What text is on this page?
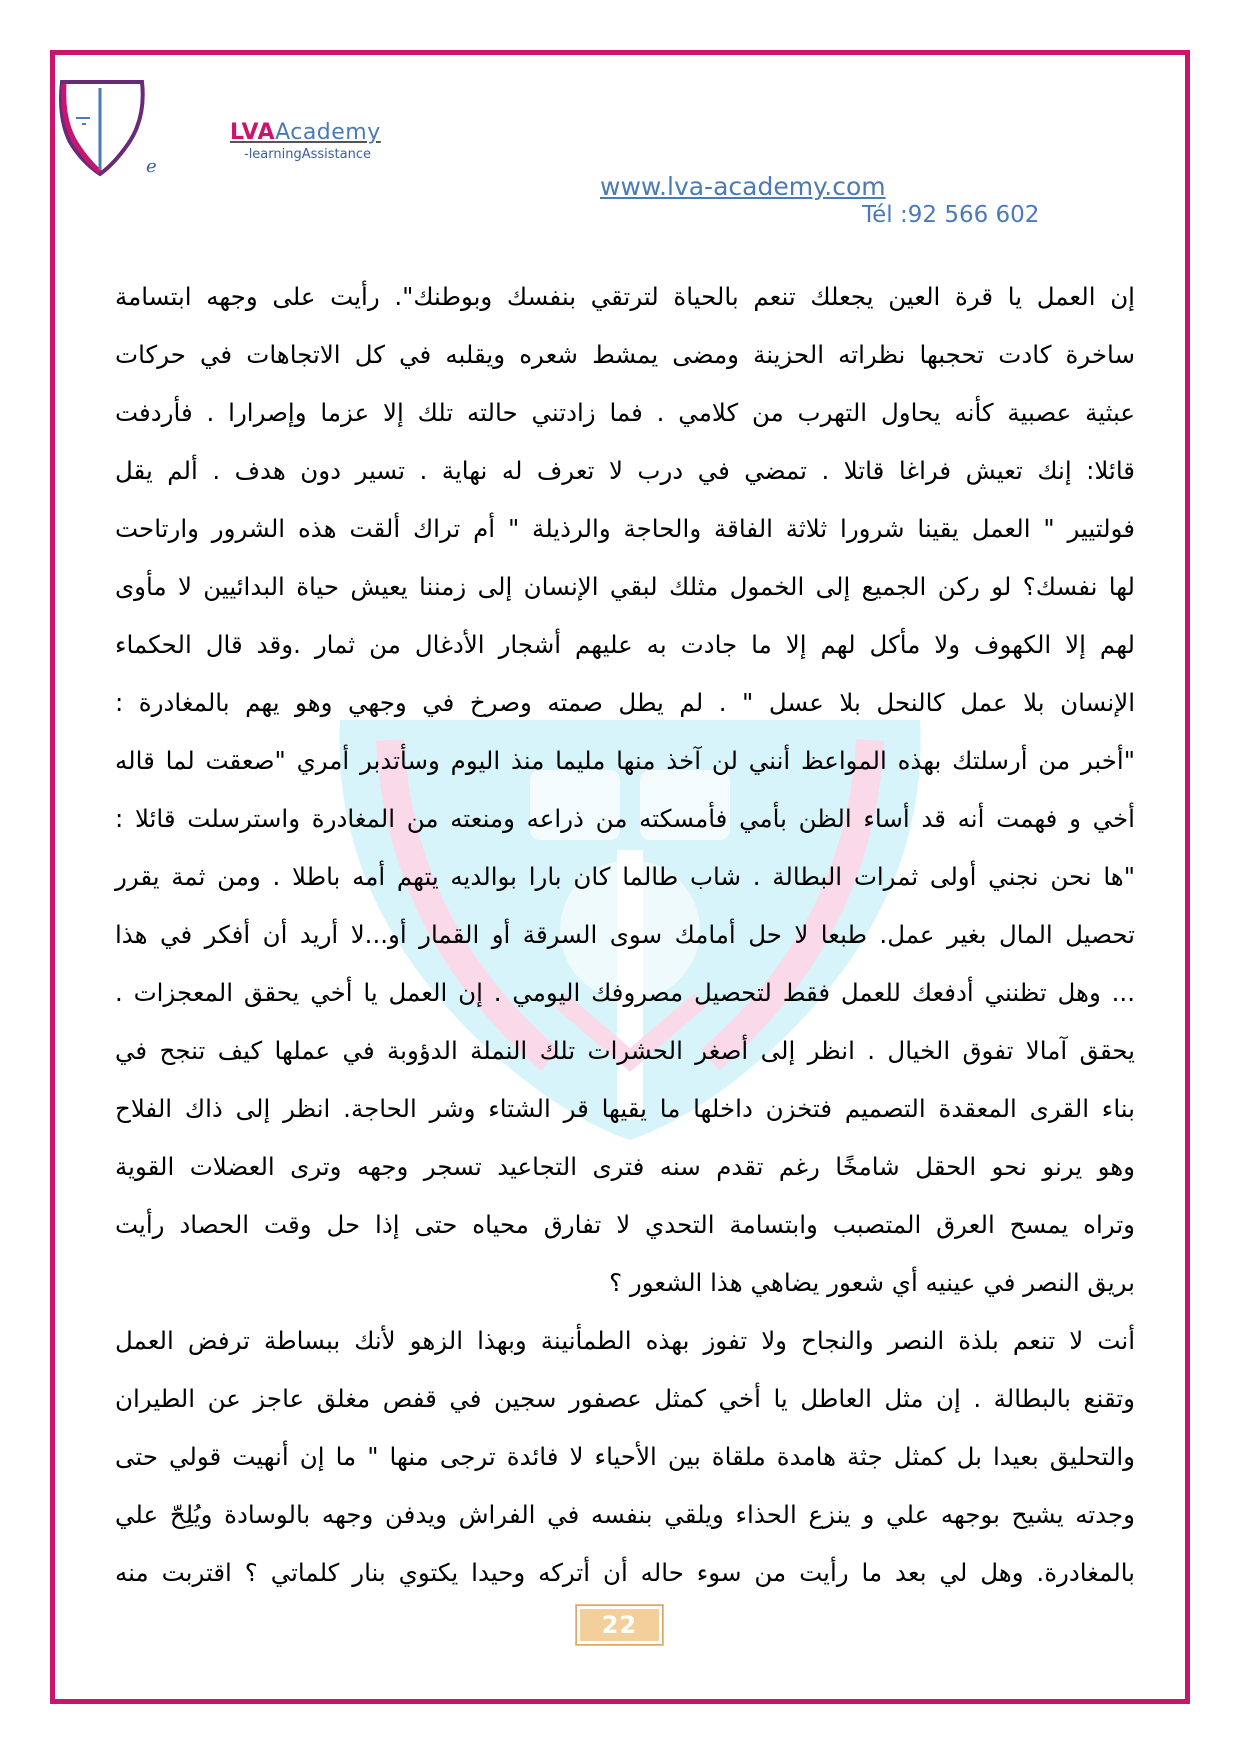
e
LVAAcademy
-learningAssistance
www.lva-academy.com
Tél :92 566 602
إن العمل يا قرة العين يجعلك تنعم بالحياة لترتقي بنفسك وبوطنك". رأيت على وجهه ابتسامة
ساخرة كادت تحجبها نظراته الحزينة ومضى يمشط شعره ويقلبه في كل الاتجاهات في حركات
عبثية عصبية كأنه يحاول التهرب من كلامي . فما زادتني حالته تلك إلا عزما وإصرارا . فأردفت
قائلا: إنك تعيش فراغا قاتلا . تمضي في درب لا تعرف له نهاية . تسير دون هدف . ألم يقل
فولتيير " العمل يقينا شرورا ثلاثة الفاقة والحاجة والرذيلة " أم تراك ألقت هذه الشرور وارتاحت
لها نفسك؟ لو ركن الجميع إلى الخمول مثلك لبقي الإنسان إلى زمننا يعيش حياة البدائيين لا مأوى
لهم إلا الكهوف ولا مأكل لهم إلا ما جادت به عليهم أشجار الأدغال من ثمار .وقد قال الحكماء
الإنسان بلا عمل كالنحل بلا عسل " . لم يطل صمته وصرخ في وجهي وهو يهم بالمغادرة :
"أخبر من أرسلتك بهذه المواعظ أنني لن آخذ منها مليما منذ اليوم وسأتدبر أمري "صعقت لما قاله
أخي و فهمت أنه قد أساء الظن بأمي فأمسكته من ذراعه ومنعته من المغادرة واسترسلت قائلا :
"ها نحن نجني أولى ثمرات البطالة . شاب طالما كان بارا بوالديه يتهم أمه باطلا . ومن ثمة يقرر
تحصيل المال بغير عمل. طبعا لا حل أمامك سوى السرقة أو القمار أو...لا أريد أن أفكر في هذا
... وهل تظنني أدفعك للعمل فقط لتحصيل مصروفك اليومي . إن العمل يا أخي يحقق المعجزات .
يحقق آمالا تفوق الخيال . انظر إلى أصغر الحشرات تلك النملة الدؤوبة في عملها كيف تنجح في
بناء القرى المعقدة التصميم فتخزن داخلها ما يقيها قر الشتاء وشر الحاجة. انظر إلى ذاك الفلاح
وهو يرنو نحو الحقل شامخًا رغم تقدم سنه فترى التجاعيد تسجر وجهه وترى العضلات القوية
وتراه يمسح العرق المتصبب وابتسامة التحدي لا تفارق محياه حتى إذا حل وقت الحصاد رأيت
بريق النصر في عينيه أي شعور يضاهي هذا الشعور ؟
أنت لا تنعم بلذة النصر والنجاح ولا تفوز بهذه الطمأنينة وبهذا الزهو لأنك ببساطة ترفض العمل
وتقنع بالبطالة . إن مثل العاطل يا أخي كمثل عصفور سجين في قفص مغلق عاجز عن الطيران
والتحليق بعيدا بل كمثل جثة هامدة ملقاة بين الأحياء لا فائدة ترجى منها " ما إن أنهيت قولي حتى
وجدته يشيح بوجهه علي و ينزع الحذاء ويلقي بنفسه في الفراش ويدفن وجهه بالوسادة ويُلِحّ علي
بالمغادرة. وهل لي بعد ما رأيت من سوء حاله أن أتركه وحيدا يكتوي بنار كلماتي ؟ اقتربت منه
22
